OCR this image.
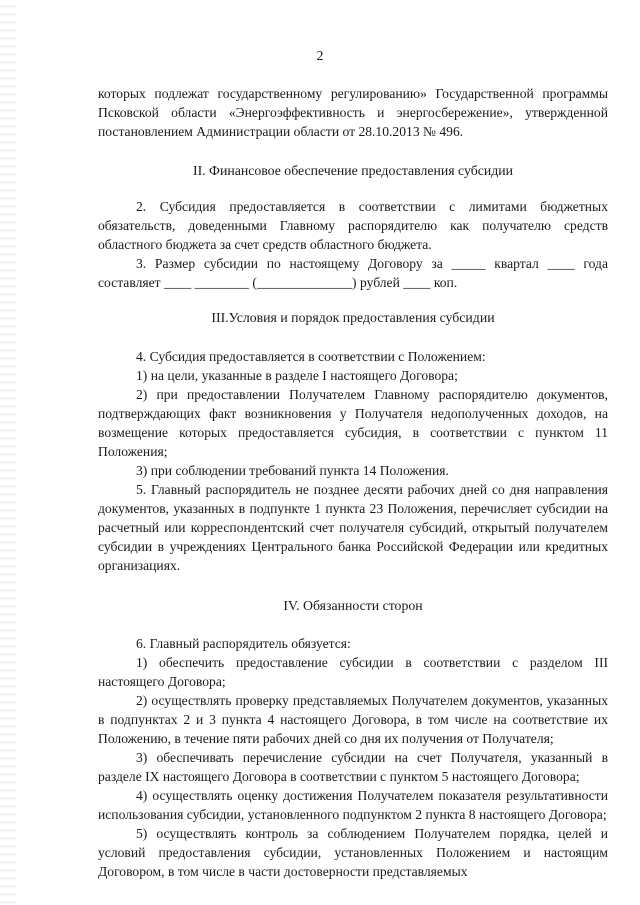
2

которых подлежат государственному регулированию» Государственной программы Псковской области «Энергоэффективность и энергосбережение», утвержденной постановлением Администрации области от 28.10.2013 № 496.

II. Финансовое обеспечение предоставления субсидии

2. Субсидия предоставляется в соответствии с лимитами бюджетных обязательств, доведенными Главному распорядителю как получателю средств областного бюджета за счет средств областного бюджета.

3. Размер субсидии по настоящему Договору за _____ квартал ____ года составляет ____ ________ (______________) рублей ____ коп.

III.Условия и порядок предоставления субсидии

4. Субсидия предоставляется в соответствии с Положением:

1) на цели, указанные в разделе I настоящего Договора;

2) при предоставлении Получателем Главному распорядителю документов, подтверждающих факт возникновения у Получателя недополученных доходов, на возмещение которых предоставляется субсидия, в соответствии с пунктом 11 Положения;

3) при соблюдении требований пункта 14 Положения.

5. Главный распорядитель не позднее десяти рабочих дней со дня направления документов, указанных в подпункте 1 пункта 23 Положения, перечисляет субсидии на расчетный или корреспондентский счет получателя субсидий, открытый получателем субсидии в учреждениях Центрального банка Российской Федерации или кредитных организациях.

IV. Обязанности сторон

6. Главный распорядитель обязуется:

1) обеспечить предоставление субсидии в соответствии с разделом III настоящего Договора;

2) осуществлять проверку представляемых Получателем документов, указанных в подпунктах 2 и 3 пункта 4 настоящего Договора, в том числе на соответствие их Положению, в течение пяти рабочих дней со дня их получения от Получателя;

3) обеспечивать перечисление субсидии на счет Получателя, указанный в разделе IX настоящего Договора в соответствии с пунктом 5 настоящего Договора;

4) осуществлять оценку достижения Получателем показателя результативности использования субсидии, установленного подпунктом 2 пункта 8 настоящего Договора;

5) осуществлять контроль за соблюдением Получателем порядка, целей и условий предоставления субсидии, установленных Положением и настоящим Договором, в том числе в части достоверности представляемых
